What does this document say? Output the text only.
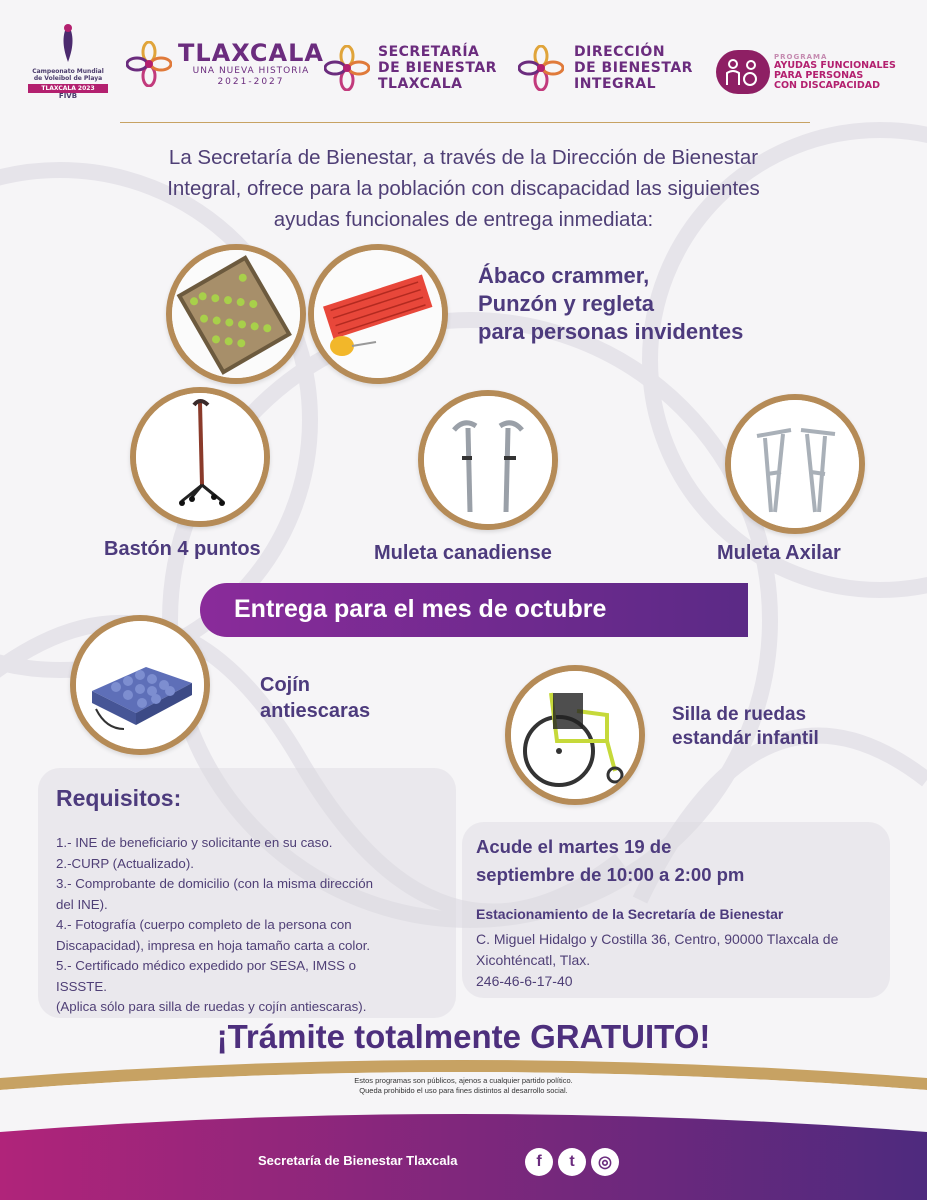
Campeonato Mundial
de Voleibol de Playa
TLAXCALA 2023
FIVB
TLAXCALA
UNA NUEVA HISTORIA
2021-2027
SECRETARÍA
DE BIENESTAR
TLAXCALA
DIRECCIÓN
DE BIENESTAR
INTEGRAL
PROGRAMA
AYUDAS FUNCIONALES
PARA PERSONAS
CON DISCAPACIDAD
La Secretaría de Bienestar, a través de la Dirección de Bienestar
Integral, ofrece para la población con discapacidad las siguientes
ayudas funcionales de entrega inmediata:
Ábaco crammer,
Punzón y regleta
para personas invidentes
Bastón 4 puntos	Muleta canadiense	Muleta Axilar
Entrega para el mes de octubre
Cojín
antiescaras	Silla de ruedas
estandár infantil
Requisitos:
1.- INE de beneficiario y solicitante en su caso.
2.-CURP (Actualizado).
3.- Comprobante de domicilio (con la misma dirección
del INE).
4.- Fotografía (cuerpo completo de la persona con
Discapacidad), impresa en hoja tamaño carta a color.
5.- Certificado médico expedido por SESA, IMSS o
ISSSTE.
(Aplica sólo para silla de ruedas y cojín antiescaras).
Acude el martes 19 de
septiembre de 10:00 a 2:00 pm
Estacionamiento de la Secretaría de Bienestar
C. Miguel Hidalgo y Costilla 36, Centro, 90000 Tlaxcala de
Xicohténcatl, Tlax.
246-46-6-17-40
¡Trámite totalmente GRATUITO!
Estos programas son públicos, ajenos a cualquier partido político.
Queda prohibido el uso para fines distintos al desarrollo social.
Secretaría de Bienestar Tlaxcala	f t ◎
